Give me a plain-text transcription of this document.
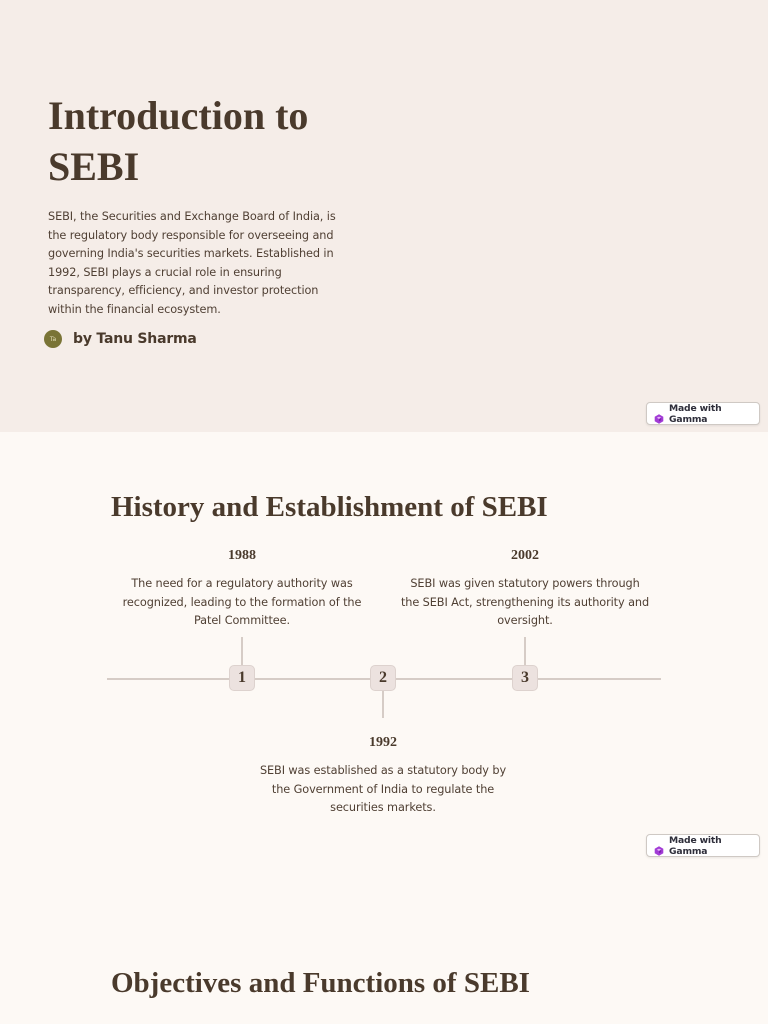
Introduction to SEBI

SEBI, the Securities and Exchange Board of India, is the regulatory body responsible for overseeing and governing India's securities markets. Established in 1992, SEBI plays a crucial role in ensuring transparency, efficiency, and investor protection within the financial ecosystem.

Ta	by Tanu Sharma
Made with Gamma
History and Establishment of SEBI
1	2	3

1988

The need for a regulatory authority was recognized, leading to the formation of the Patel Committee.

2002

SEBI was given statutory powers through the SEBI Act, strengthening its authority and oversight.

1992

SEBI was established as a statutory body by the Government of India to regulate the securities markets.

Made with Gamma
Objectives and Functions of SEBI
